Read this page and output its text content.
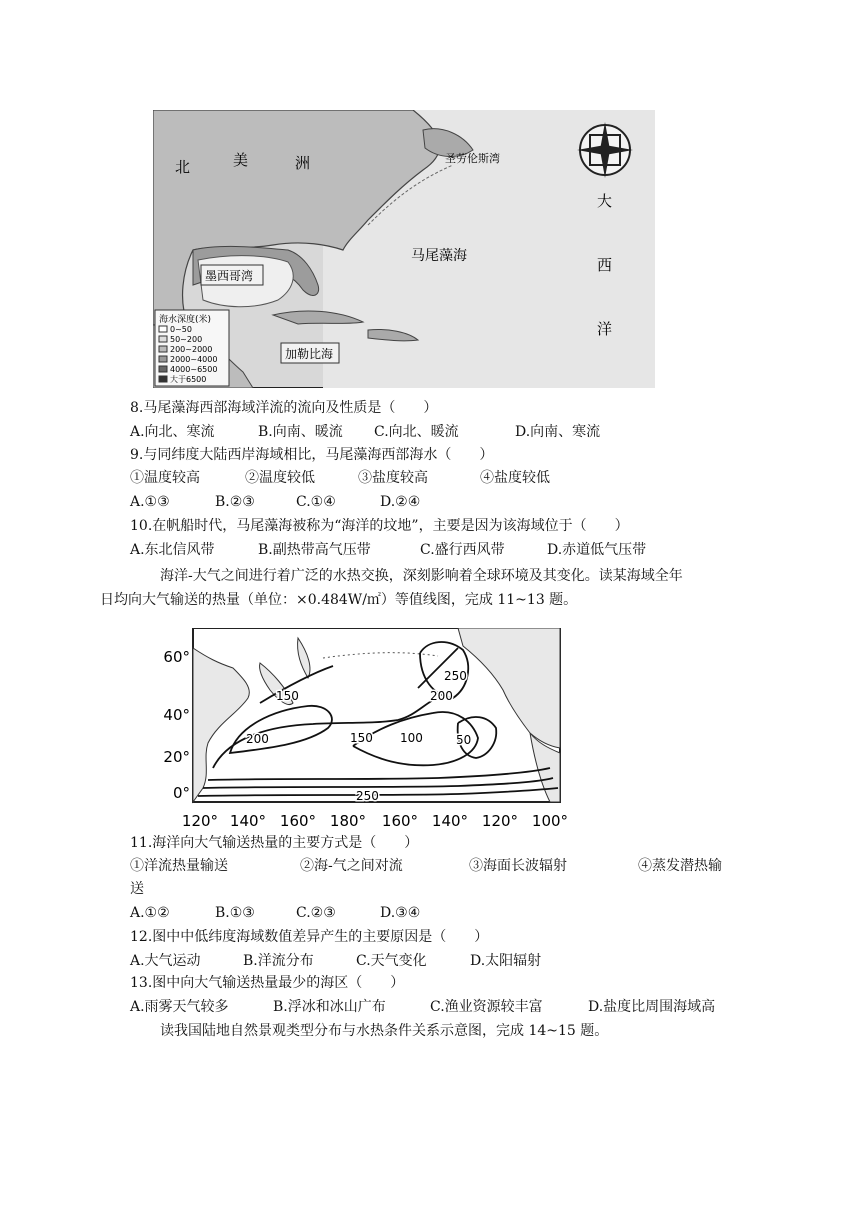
北	美	洲	圣劳伦斯湾
马尾藻海
墨西哥湾
加勒比海
大
西
洋
海水深度(米)
0~50
50~200
200~2000
2000~4000
4000~6500
大于6500
8.马尾藻海西部海域洋流的流向及性质是（　　）
A.向北、寒流	B.向南、暖流 C.向北、暖流	D.向南、寒流
9.与同纬度大陆西岸海域相比，马尾藻海西部海水（　　）
①温度较高	②温度较低	③盐度较高	④盐度较低
A.①③	B.②③	C.①④	D.②④
10.在帆船时代，马尾藻海被称为“海洋的坟地”，主要是因为该海域位于（　　）
A.东北信风带	B.副热带高气压带	C.盛行西风带	D.赤道低气压带
海洋-大气之间进行着广泛的水热交换，深刻影响着全球环境及其变化。读某海域全年
日均向大气输送的热量（单位：×0.484W/㎡）等值线图，完成 11~13 题。
150
200	150 100	50
200
250
250
60°
40°
20°
0°
120° 140° 160° 180° 160° 140° 120° 100°
11.海洋向大气输送热量的主要方式是（　　）
①洋流热量输送	②海-气之间对流	③海面长波辐射	④蒸发潜热输
送
A.①②	B.①③	C.②③	D.③④
12.图中中低纬度海域数值差异产生的主要原因是（　　）
A.大气运动	B.洋流分布	C.天气变化	D.太阳辐射
13.图中向大气输送热量最少的海区（　　）
A.雨雾天气较多	B.浮冰和冰山广布	C.渔业资源较丰富	D.盐度比周围海域高
读我国陆地自然景观类型分布与水热条件关系示意图，完成 14~15 题。
